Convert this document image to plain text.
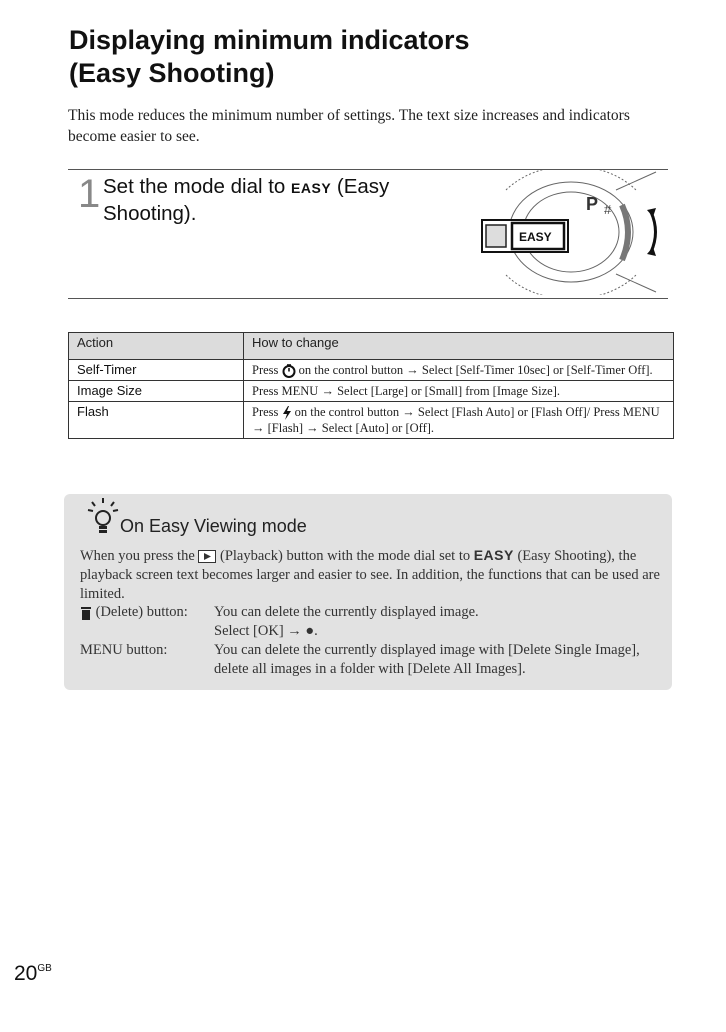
Displaying minimum indicators
(Easy Shooting)
This mode reduces the minimum number of settings. The text size increases and indicators become easier to see.
1 Set the mode dial to EASY (Easy Shooting).	P #
EASY
Action	How to change
Self-Timer	Press  on the control button → Select [Self-Timer 10sec] or [Self-Timer Off].
Image Size	Press MENU → Select [Large] or [Small] from [Image Size].
Flash	Press  on the control button → Select [Flash Auto] or [Flash Off]/ Press MENU → [Flash] → Select [Auto] or [Off].
On Easy Viewing mode
When you press the  (Playback) button with the mode dial set to EASY (Easy Shooting), the playback screen text becomes larger and easier to see. In addition, the functions that can be used are limited.
(Delete) button: You can delete the currently displayed image.
Select [OK] → ●.
MENU button:	You can delete the currently displayed image with [Delete Single Image], delete all images in a folder with [Delete All Images].
$20^{GB}$
